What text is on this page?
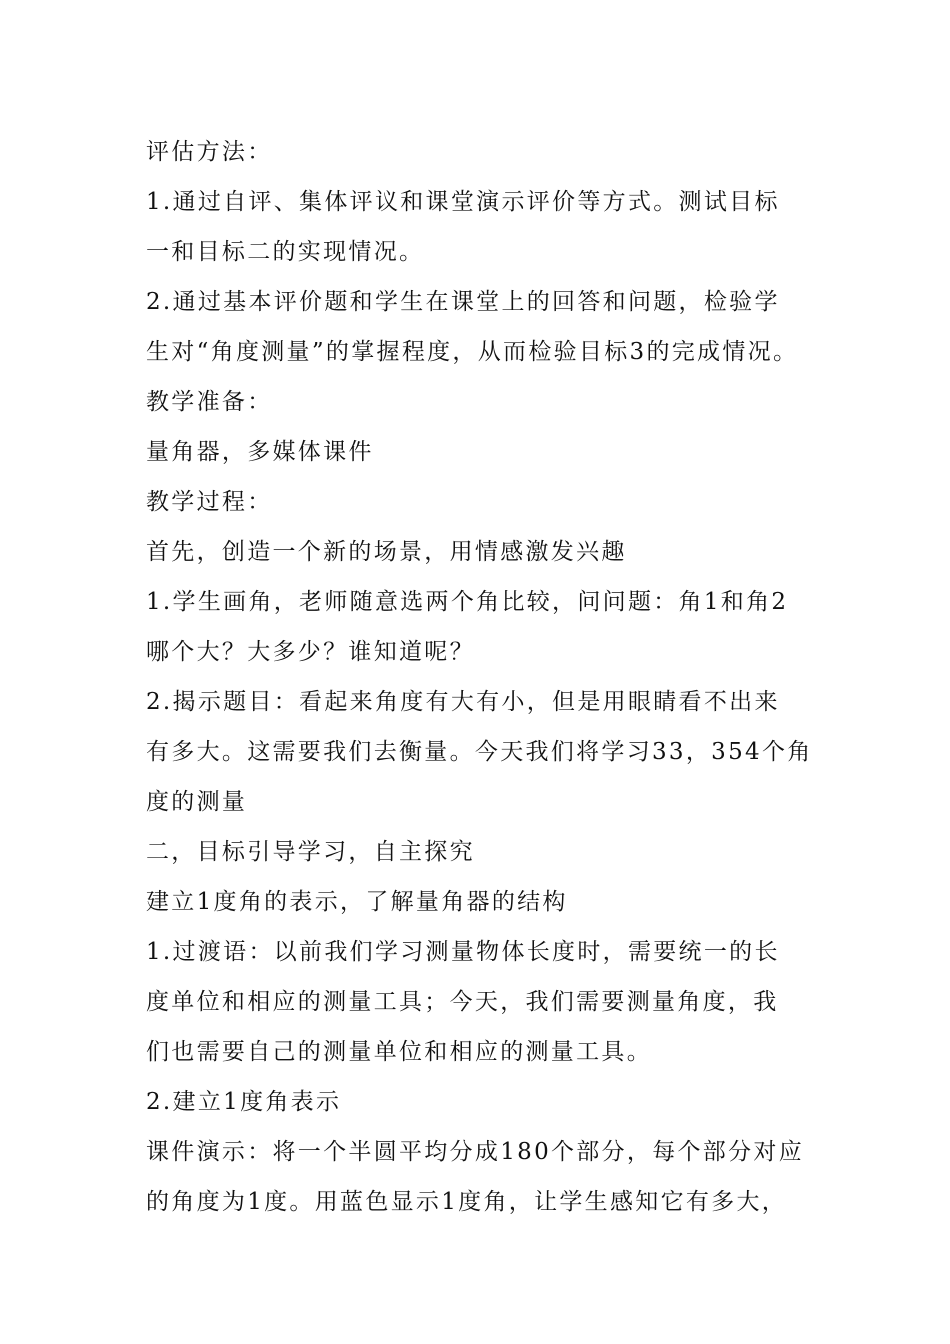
评估方法：
1.通过自评、集体评议和课堂演示评价等方式。测试目标
一和目标二的实现情况。
2.通过基本评价题和学生在课堂上的回答和问题，检验学
生对“角度测量”的掌握程度，从而检验目标3的完成情况。
教学准备：
量角器，多媒体课件
教学过程：
首先，创造一个新的场景，用情感激发兴趣
1.学生画角，老师随意选两个角比较，问问题：角1和角2
哪个大？大多少？谁知道呢？
2.揭示题目：看起来角度有大有小，但是用眼睛看不出来
有多大。这需要我们去衡量。今天我们将学习33，354个角
度的测量
二，目标引导学习，自主探究
建立1度角的表示，了解量角器的结构
1.过渡语：以前我们学习测量物体长度时，需要统一的长
度单位和相应的测量工具；今天，我们需要测量角度，我
们也需要自己的测量单位和相应的测量工具。
2.建立1度角表示
课件演示：将一个半圆平均分成180个部分，每个部分对应
的角度为1度。用蓝色显示1度角，让学生感知它有多大，
